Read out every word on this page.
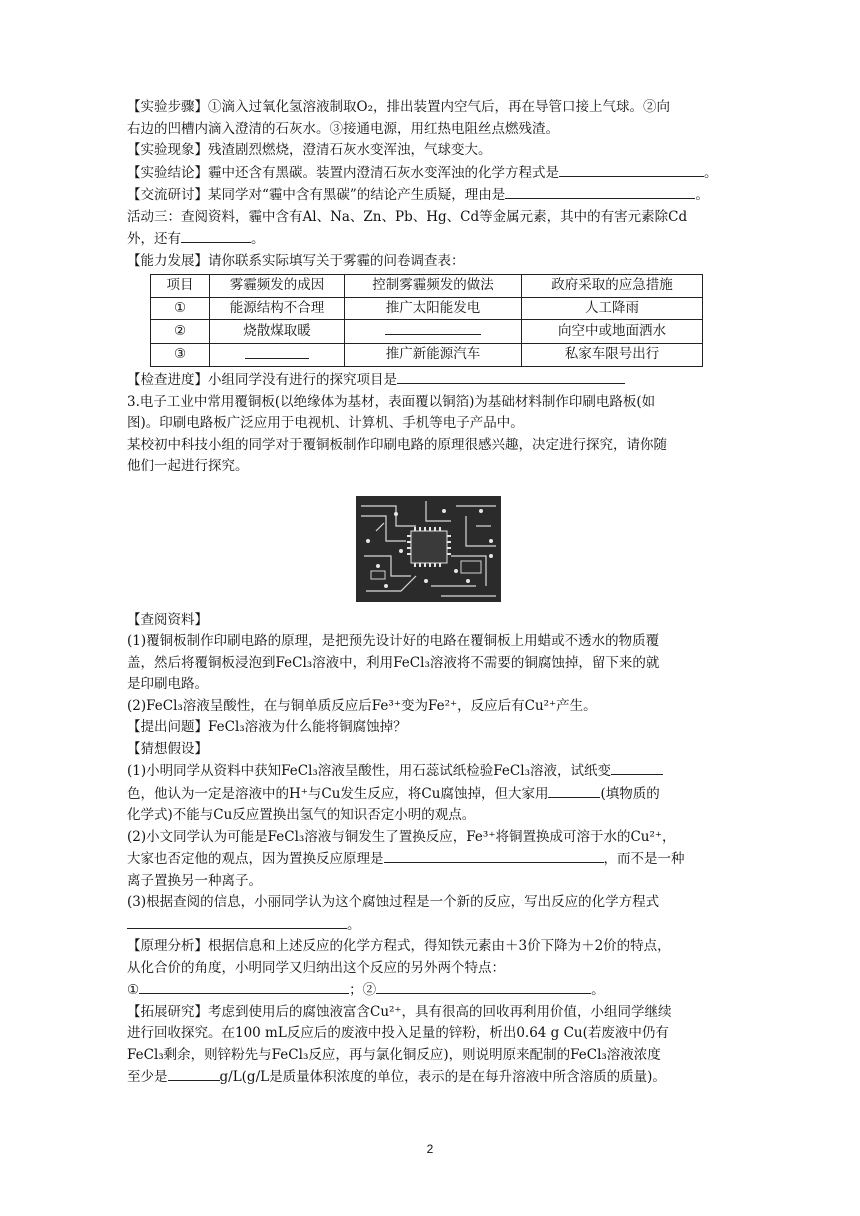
【实验步骤】①滴入过氧化氢溶液制取O₂，排出装置内空气后，再在导管口接上气球。②向
右边的凹槽内滴入澄清的石灰水。③接通电源，用红热电阻丝点燃残渣。
【实验现象】残渣剧烈燃烧，澄清石灰水变浑浊，气球变大。
【实验结论】霾中还含有黑碳。装置内澄清石灰水变浑浊的化学方程式是	。
【交流研讨】某同学对“霾中含有黑碳”的结论产生质疑，理由是	。
活动三：查阅资料，霾中含有Al、Na、Zn、Pb、Hg、Cd等金属元素，其中的有害元素除Cd
外，还有	。
【能力发展】请你联系实际填写关于雾霾的问卷调查表：
项目	雾霾频发的成因	控制雾霾频发的做法	政府采取的应急措施
①	能源结构不合理	推广太阳能发电	人工降雨
②	烧散煤取暖		向空中或地面洒水
③		推广新能源汽车	私家车限号出行
【检查进度】小组同学没有进行的探究项目是
3.电子工业中常用覆铜板(以绝缘体为基材，表面覆以铜箔)为基础材料制作印刷电路板(如
图)。印刷电路板广泛应用于电视机、计算机、手机等电子产品中。
某校初中科技小组的同学对于覆铜板制作印刷电路的原理很感兴趣，决定进行探究，请你随
他们一起进行探究。
【查阅资料】
(1)覆铜板制作印刷电路的原理，是把预先设计好的电路在覆铜板上用蜡或不透水的物质覆
盖，然后将覆铜板浸泡到FeCl₃溶液中，利用FeCl₃溶液将不需要的铜腐蚀掉，留下来的就
是印刷电路。
(2)FeCl₃溶液呈酸性，在与铜单质反应后Fe³⁺变为Fe²⁺，反应后有Cu²⁺产生。
【提出问题】FeCl₃溶液为什么能将铜腐蚀掉？
【猜想假设】
(1)小明同学从资料中获知FeCl₃溶液呈酸性，用石蕊试纸检验FeCl₃溶液，试纸变
色，他认为一定是溶液中的H⁺与Cu发生反应，将Cu腐蚀掉，但大家用	(填物质的
化学式)不能与Cu反应置换出氢气的知识否定小明的观点。
(2)小文同学认为可能是FeCl₃溶液与铜发生了置换反应，Fe³⁺将铜置换成可溶于水的Cu²⁺，
大家也否定他的观点，因为置换反应原理是	，而不是一种
离子置换另一种离子。
(3)根据查阅的信息，小丽同学认为这个腐蚀过程是一个新的反应，写出反应的化学方程式
。
【原理分析】根据信息和上述反应的化学方程式，得知铁元素由＋3价下降为＋2价的特点，
从化合价的角度，小明同学又归纳出这个反应的另外两个特点：
①	；②	。
【拓展研究】考虑到使用后的腐蚀液富含Cu²⁺，具有很高的回收再利用价值，小组同学继续
进行回收探究。在100 mL反应后的废液中投入足量的锌粉，析出0.64 g Cu(若废液中仍有
FeCl₃剩余，则锌粉先与FeCl₃反应，再与氯化铜反应)，则说明原来配制的FeCl₃溶液浓度
至少是	g/L(g/L是质量体积浓度的单位，表示的是在每升溶液中所含溶质的质量)。
2
